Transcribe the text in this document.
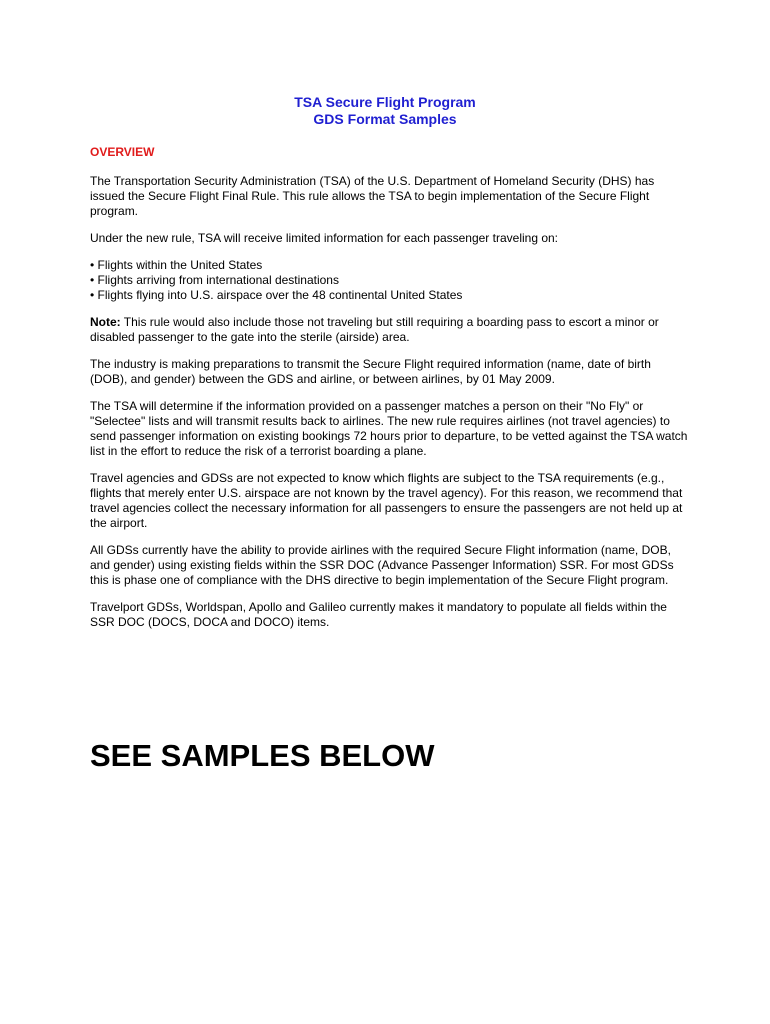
TSA Secure Flight Program
GDS Format Samples
OVERVIEW

The Transportation Security Administration (TSA) of the U.S. Department of Homeland Security (DHS) has issued the Secure Flight Final Rule. This rule allows the TSA to begin implementation of the Secure Flight program.

Under the new rule, TSA will receive limited information for each passenger traveling on:

• Flights within the United States
• Flights arriving from international destinations
• Flights flying into U.S. airspace over the 48 continental United States

Note: This rule would also include those not traveling but still requiring a boarding pass to escort a minor or disabled passenger to the gate into the sterile (airside) area.

The industry is making preparations to transmit the Secure Flight required information (name, date of birth (DOB), and gender) between the GDS and airline, or between airlines, by 01 May 2009.

The TSA will determine if the information provided on a passenger matches a person on their "No Fly" or "Selectee" lists and will transmit results back to airlines. The new rule requires airlines (not travel agencies) to send passenger information on existing bookings 72 hours prior to departure, to be vetted against the TSA watch list in the effort to reduce the risk of a terrorist boarding a plane.

Travel agencies and GDSs are not expected to know which flights are subject to the TSA requirements (e.g., flights that merely enter U.S. airspace are not known by the travel agency). For this reason, we recommend that travel agencies collect the necessary information for all passengers to ensure the passengers are not held up at the airport.

All GDSs currently have the ability to provide airlines with the required Secure Flight information (name, DOB, and gender) using existing fields within the SSR DOC (Advance Passenger Information) SSR. For most GDSs this is phase one of compliance with the DHS directive to begin implementation of the Secure Flight program.

Travelport GDSs, Worldspan, Apollo and Galileo currently makes it mandatory to populate all fields within the SSR DOC (DOCS, DOCA and DOCO) items.

SEE SAMPLES BELOW
